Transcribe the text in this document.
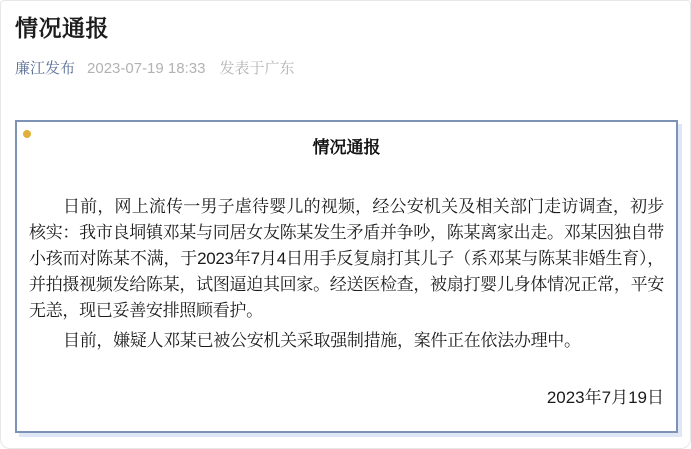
情况通报
廉江发布 2023-07-19 18:33 发表于广东
情况通报

日前，网上流传一男子虐待婴儿的视频，经公安机关及相关部门走访调查，初步核实：我市良垌镇邓某与同居女友陈某发生矛盾并争吵，陈某离家出走。邓某因独自带小孩而对陈某不满，于2023年7月4日用手反复扇打其儿子（系邓某与陈某非婚生育），并拍摄视频发给陈某，试图逼迫其回家。经送医检查，被扇打婴儿身体情况正常，平安无恙，现已妥善安排照顾看护。

目前，嫌疑人邓某已被公安机关采取强制措施，案件正在依法办理中。

2023年7月19日
